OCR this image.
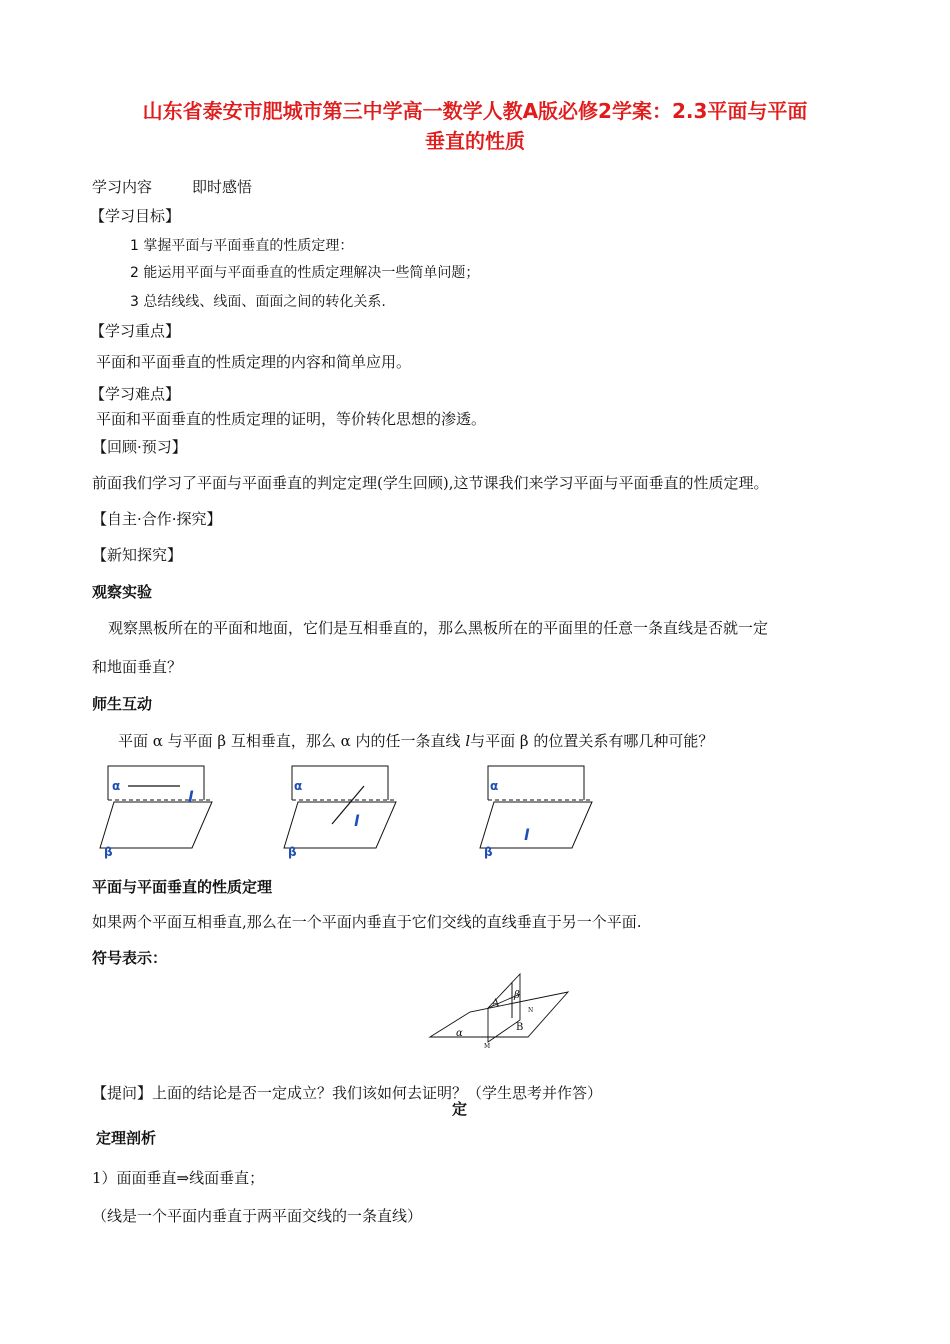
山东省泰安市肥城市第三中学高一数学人教A版必修2学案：2.3平面与平面
垂直的性质
学习内容	即时感悟
【学习目标】
1 掌握平面与平面垂直的性质定理：
2 能运用平面与平面垂直的性质定理解决一些简单问题；
3 总结线线、线面、面面之间的转化关系.
【学习重点】
平面和平面垂直的性质定理的内容和简单应用。
【学习难点】
平面和平面垂直的性质定理的证明，等价转化思想的渗透。
【回顾·预习】
前面我们学习了平面与平面垂直的判定定理(学生回顾),这节课我们来学习平面与平面垂直的性质定理。
【自主·合作·探究】
【新知探究】
观察实验
观察黑板所在的平面和地面，它们是互相垂直的，那么黑板所在的平面里的任意一条直线是否就一定
和地面垂直？
师生互动
平面 α 与平面 β 互相垂直，那么 α 内的任一条直线 l与平面 β 的位置关系有哪几种可能？
α
l
β
α
l
β
α
l
β
平面与平面垂直的性质定理
如果两个平面互相垂直,那么在一个平面内垂直于它们交线的直线垂直于另一个平面.
符号表示：
A
B
M
N
α
β
【提问】上面的结论是否一定成立？我们该如何去证明？（学生思考并作答）
定
定理剖析
1）面面垂直⇒线面垂直；
（线是一个平面内垂直于两平面交线的一条直线）
